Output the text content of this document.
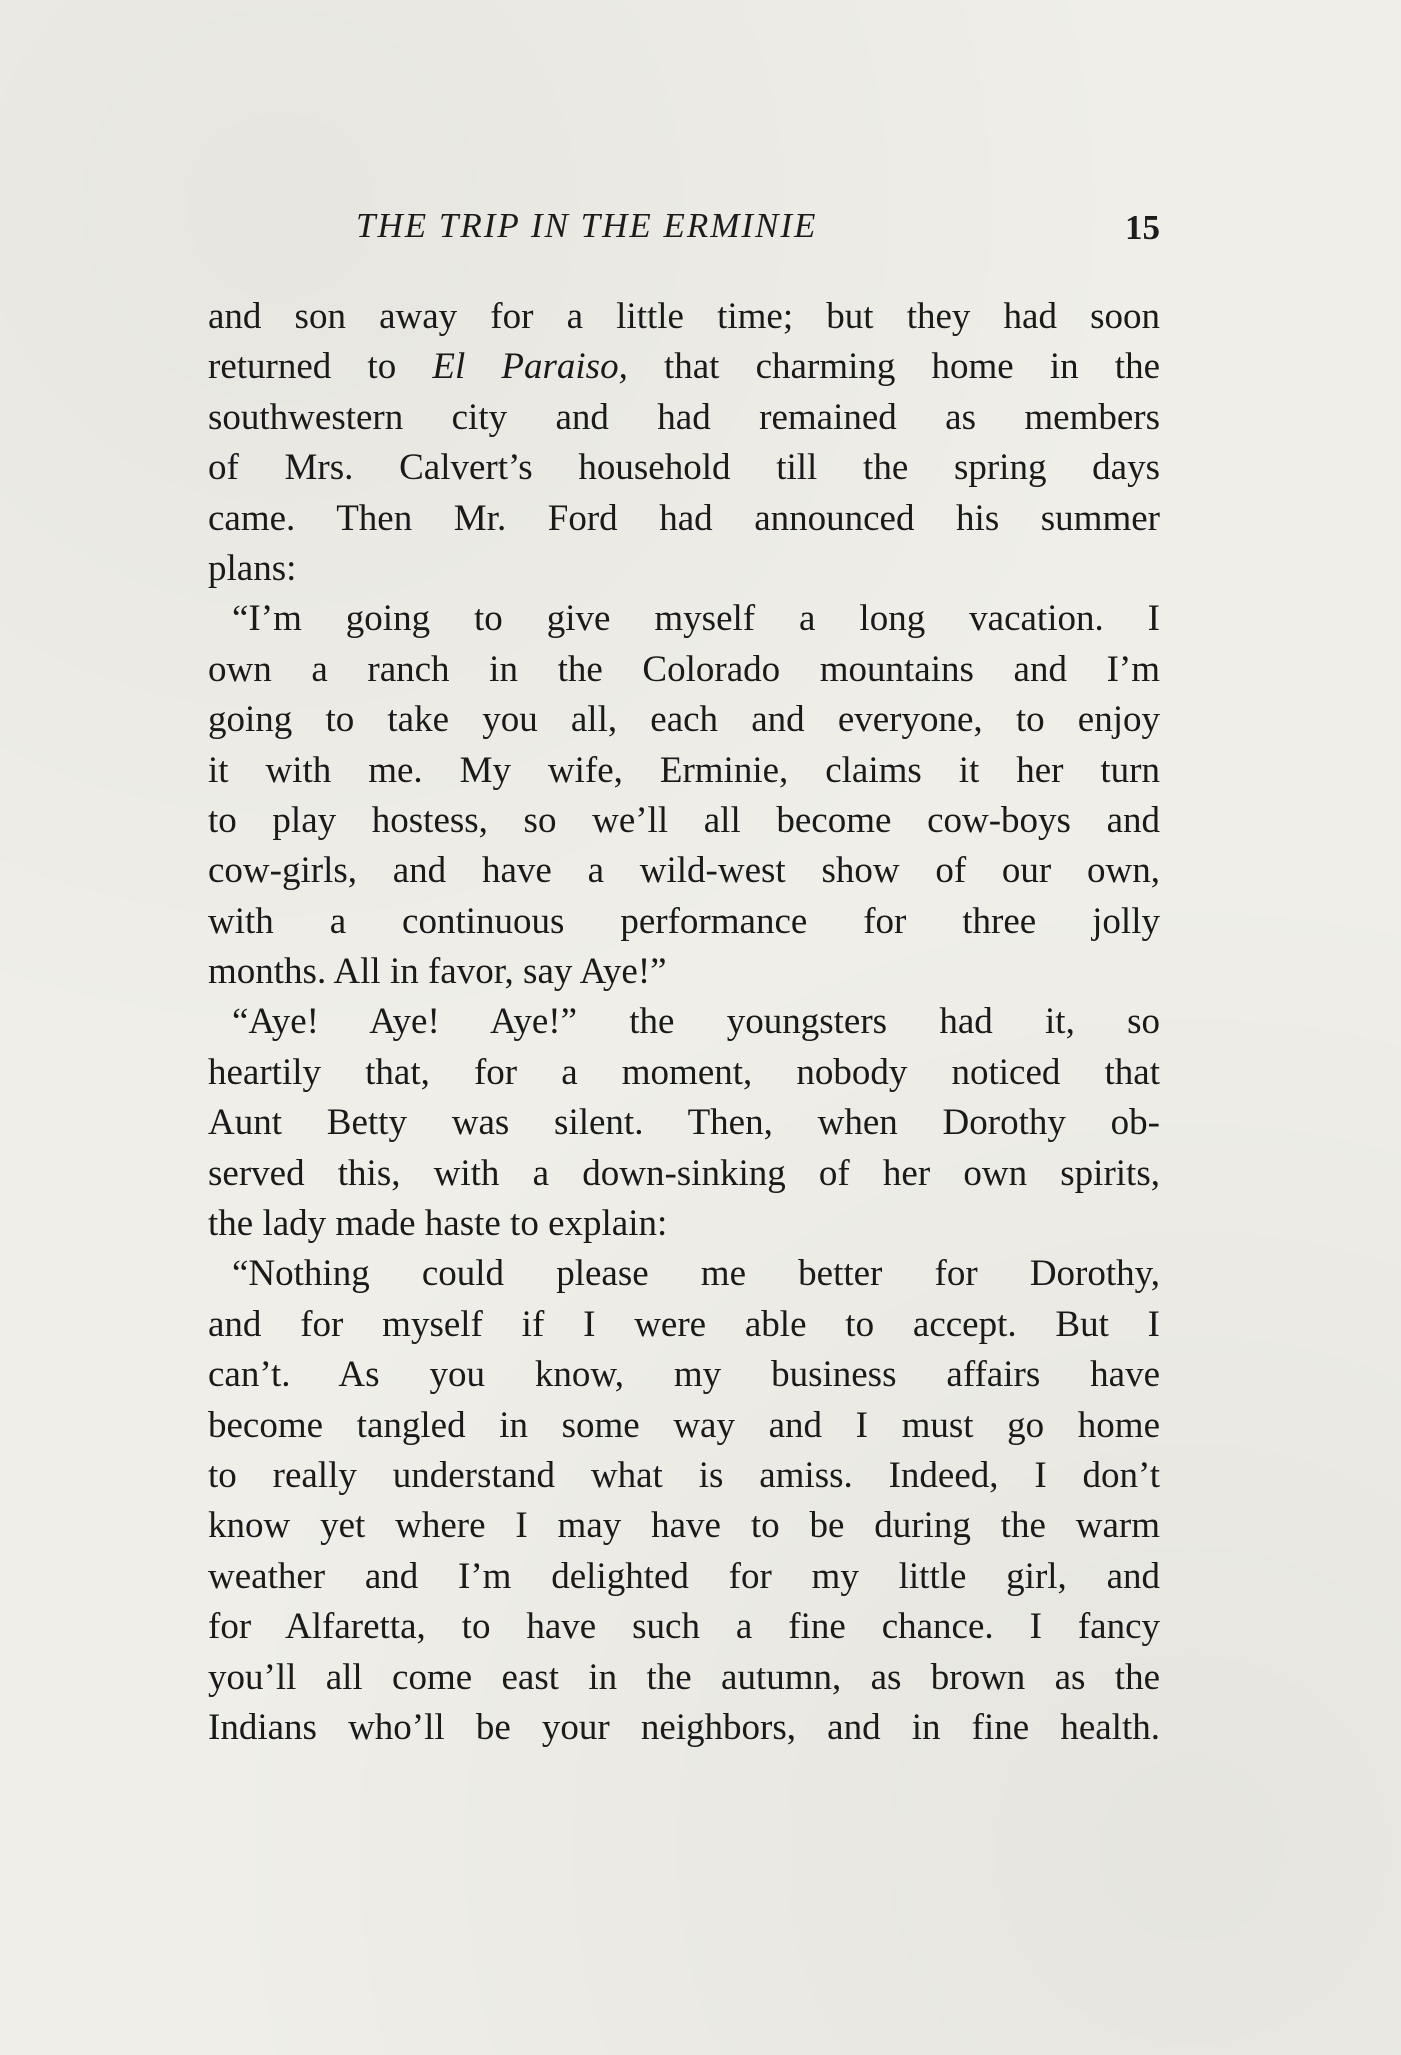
THE TRIP IN THE ERMINIE	15
and son away for a little time; but they had soon
returned to El Paraiso, that charming home in the
southwestern city and had remained as members
of Mrs. Calvert’s household till the spring days
came. Then Mr. Ford had announced his summer
plans:
“I’m going to give myself a long vacation. I
own a ranch in the Colorado mountains and I’m
going to take you all, each and everyone, to enjoy
it with me. My wife, Erminie, claims it her turn
to play hostess, so we’ll all become cow-boys and
cow-girls, and have a wild-west show of our own,
with a continuous performance for three jolly
months. All in favor, say Aye!”
“Aye! Aye! Aye!” the youngsters had it, so
heartily that, for a moment, nobody noticed that
Aunt Betty was silent. Then, when Dorothy ob-
served this, with a down-sinking of her own spirits,
the lady made haste to explain:
“Nothing could please me better for Dorothy,
and for myself if I were able to accept. But I
can’t. As you know, my business affairs have
become tangled in some way and I must go home
to really understand what is amiss. Indeed, I don’t
know yet where I may have to be during the warm
weather and I’m delighted for my little girl, and
for Alfaretta, to have such a fine chance. I fancy
you’ll all come east in the autumn, as brown as the
Indians who’ll be your neighbors, and in fine health.
